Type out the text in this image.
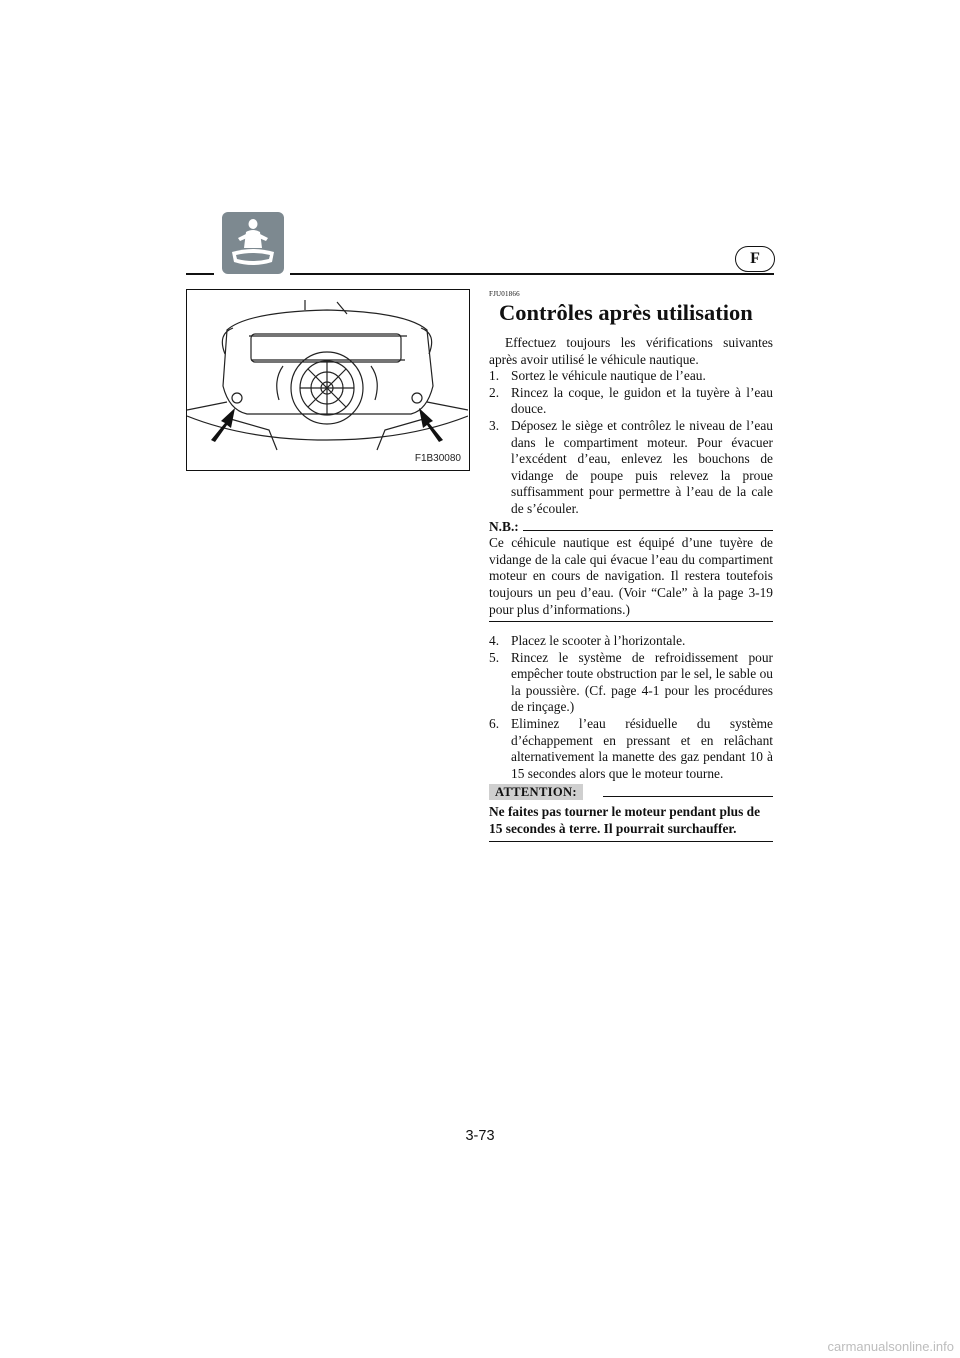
F
F1B30080
FJU01866
Contrôles après utilisation

Effectuez toujours les vérifications suivantes après avoir utilisé le véhicule nautique.

1. Sortez le véhicule nautique de l’eau.
2. Rincez la coque, le guidon et la tuyère à l’eau douce.
3. Déposez le siège et contrôlez le niveau de l’eau dans le compartiment moteur. Pour évacuer l’excédent d’eau, enlevez les bouchons de vidange de poupe puis relevez la proue suffisamment pour permettre à l’eau de la cale de s’écouler.
N.B.:

Ce céhicule nautique est équipé d’une tuyère de vidange de la cale qui évacue l’eau du compartiment moteur en cours de navigation. Il restera toutefois toujours un peu d’eau. (Voir “Cale” à la page 3-19 pour plus d’informations.)

4. Placez le scooter à l’horizontale.
5. Rincez le système de refroidissement pour empêcher toute obstruction par le sel, le sable ou la poussière. (Cf. page 4-1 pour les procédures de rinçage.)
6. Eliminez l’eau résiduelle du système d’échappement en pressant et en relâchant alternativement la manette des gaz pendant 10 à 15 secondes alors que le moteur tourne.
ATTENTION:

Ne faites pas tourner le moteur pendant plus de 15 secondes à terre. Il pourrait surchauffer.

3-73
carmanualsonline.info
